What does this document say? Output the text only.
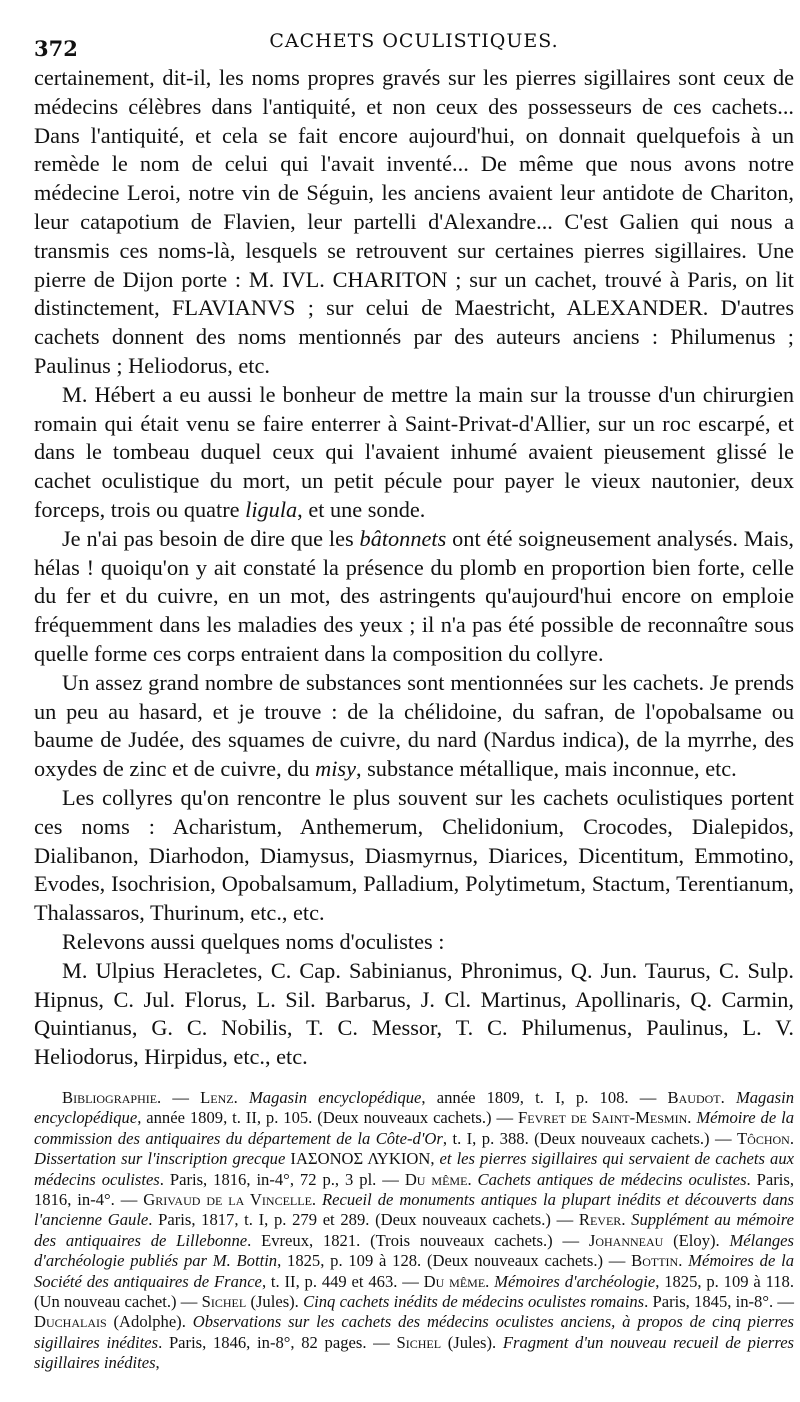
372	CACHETS OCULISTIQUES.

certainement, dit-il, les noms propres gravés sur les pierres sigillaires sont ceux de médecins célèbres dans l'antiquité, et non ceux des possesseurs de ces cachets... Dans l'antiquité, et cela se fait encore aujourd'hui, on donnait quelquefois à un remède le nom de celui qui l'avait inventé... De même que nous avons notre médecine Leroi, notre vin de Séguin, les anciens avaient leur antidote de Chariton, leur catapotium de Flavien, leur partelli d'Alexandre... C'est Galien qui nous a transmis ces noms-là, lesquels se retrouvent sur certaines pierres sigillaires. Une pierre de Dijon porte : M. IVL. CHARITON ; sur un cachet, trouvé à Paris, on lit distinctement, FLAVIANVS ; sur celui de Maestricht, ALEXANDER. D'autres cachets donnent des noms mentionnés par des auteurs anciens : Philumenus ; Paulinus ; Heliodorus, etc.

M. Hébert a eu aussi le bonheur de mettre la main sur la trousse d'un chirurgien romain qui était venu se faire enterrer à Saint-Privat-d'Allier, sur un roc escarpé, et dans le tombeau duquel ceux qui l'avaient inhumé avaient pieusement glissé le cachet oculistique du mort, un petit pécule pour payer le vieux nautonier, deux forceps, trois ou quatre ligula, et une sonde.

Je n'ai pas besoin de dire que les bâtonnets ont été soigneusement analysés. Mais, hélas ! quoiqu'on y ait constaté la présence du plomb en proportion bien forte, celle du fer et du cuivre, en un mot, des astringents qu'aujourd'hui encore on emploie fréquemment dans les maladies des yeux ; il n'a pas été possible de reconnaître sous quelle forme ces corps entraient dans la composition du collyre.

Un assez grand nombre de substances sont mentionnées sur les cachets. Je prends un peu au hasard, et je trouve : de la chélidoine, du safran, de l'opobalsame ou baume de Judée, des squames de cuivre, du nard (Nardus indica), de la myrrhe, des oxydes de zinc et de cuivre, du misy, substance métallique, mais inconnue, etc.

Les collyres qu'on rencontre le plus souvent sur les cachets oculistiques portent ces noms : Acharistum, Anthemerum, Chelidonium, Crocodes, Dialepidos, Dialibanon, Diarhodon, Diamysus, Diasmyrnus, Diarices, Dicentitum, Emmotino, Evodes, Isochrision, Opobalsamum, Palladium, Polytimetum, Stactum, Terentianum, Thalassaros, Thurinum, etc., etc.

Relevons aussi quelques noms d'oculistes :

M. Ulpius Heracletes, C. Cap. Sabinianus, Phronimus, Q. Jun. Taurus, C. Sulp. Hipnus, C. Jul. Florus, L. Sil. Barbarus, J. Cl. Martinus, Apollinaris, Q. Carmin, Quintianus, G. C. Nobilis, T. C. Messor, T. C. Philumenus, Paulinus, L. V. Heliodorus, Hirpidus, etc., etc.

Bibliographie. — Lenz. Magasin encyclopédique, année 1809, t. I, p. 108. — Baudot. Magasin encyclopédique, année 1809, t. II, p. 105. (Deux nouveaux cachets.) — Fevret de Saint-Mesmin. Mémoire de la commission des antiquaires du département de la Côte-d'Or, t. I, p. 388. (Deux nouveaux cachets.) — Tôchon. Dissertation sur l'inscription grecque ΙΑΣΟΝΟΣ ΛΥΚΙΟΝ, et les pierres sigillaires qui servaient de cachets aux médecins oculistes. Paris, 1816, in-4°, 72 p., 3 pl. — Du même. Cachets antiques de médecins oculistes. Paris, 1816, in-4°. — Grivaud de la Vincelle. Recueil de monuments antiques la plupart inédits et découverts dans l'ancienne Gaule. Paris, 1817, t. I, p. 279 et 289. (Deux nouveaux cachets.) — Rever. Supplément au mémoire des antiquaires de Lillebonne. Evreux, 1821. (Trois nouveaux cachets.) — Johanneau (Eloy). Mélanges d'archéologie publiés par M. Bottin, 1825, p. 109 à 128. (Deux nouveaux cachets.) — Bottin. Mémoires de la Société des antiquaires de France, t. II, p. 449 et 463. — Du même. Mémoires d'archéologie, 1825, p. 109 à 118. (Un nouveau cachet.) — Sichel (Jules). Cinq cachets inédits de médecins oculistes romains. Paris, 1845, in-8°. — Duchalais (Adolphe). Observations sur les cachets des médecins oculistes anciens, à propos de cinq pierres sigillaires inédites. Paris, 1846, in-8°, 82 pages. — Sichel (Jules). Fragment d'un nouveau recueil de pierres sigillaires inédites,
